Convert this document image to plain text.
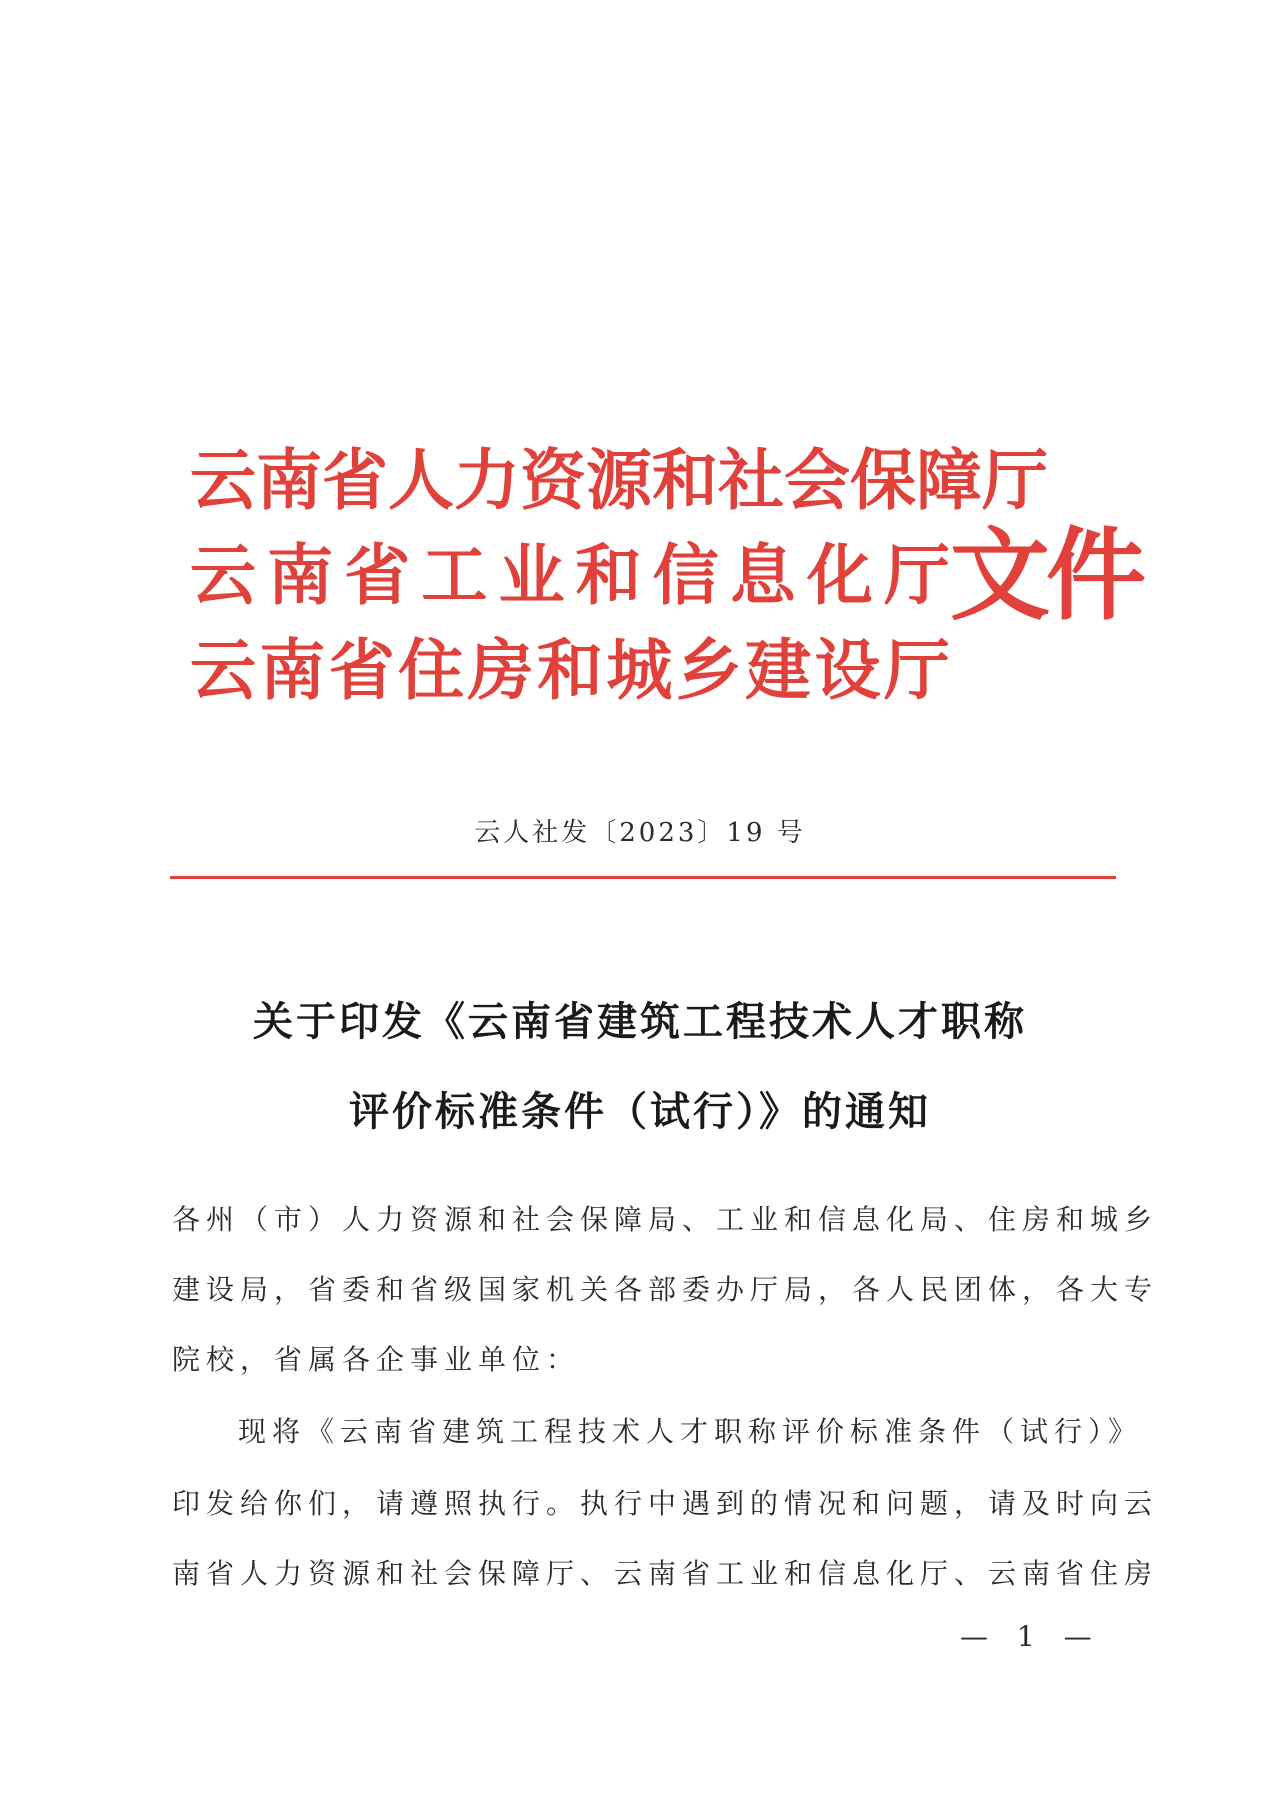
云 南 省 人 力 资 源 和 社 会 保 障 厅
云 南 省 工 业 和 信 息 化 厅
云 南 省 住 房 和 城 乡 建 设 厅
文件
云人社发〔2023〕19 号
关于印发《云南省建筑工程技术人才职称
评价标准条件（试行）》的通知
各州（市）人力资源和社会保障局、工业和信息化局、住房和城乡
建设局，省委和省级国家机关各部委办厅局，各人民团体，各大专
院校，省属各企事业单位：
现将《云南省建筑工程技术人才职称评价标准条件（试行）》
印发给你们，请遵照执行。执行中遇到的情况和问题，请及时向云
南省人力资源和社会保障厅、云南省工业和信息化厅、云南省住房
— 1 —
